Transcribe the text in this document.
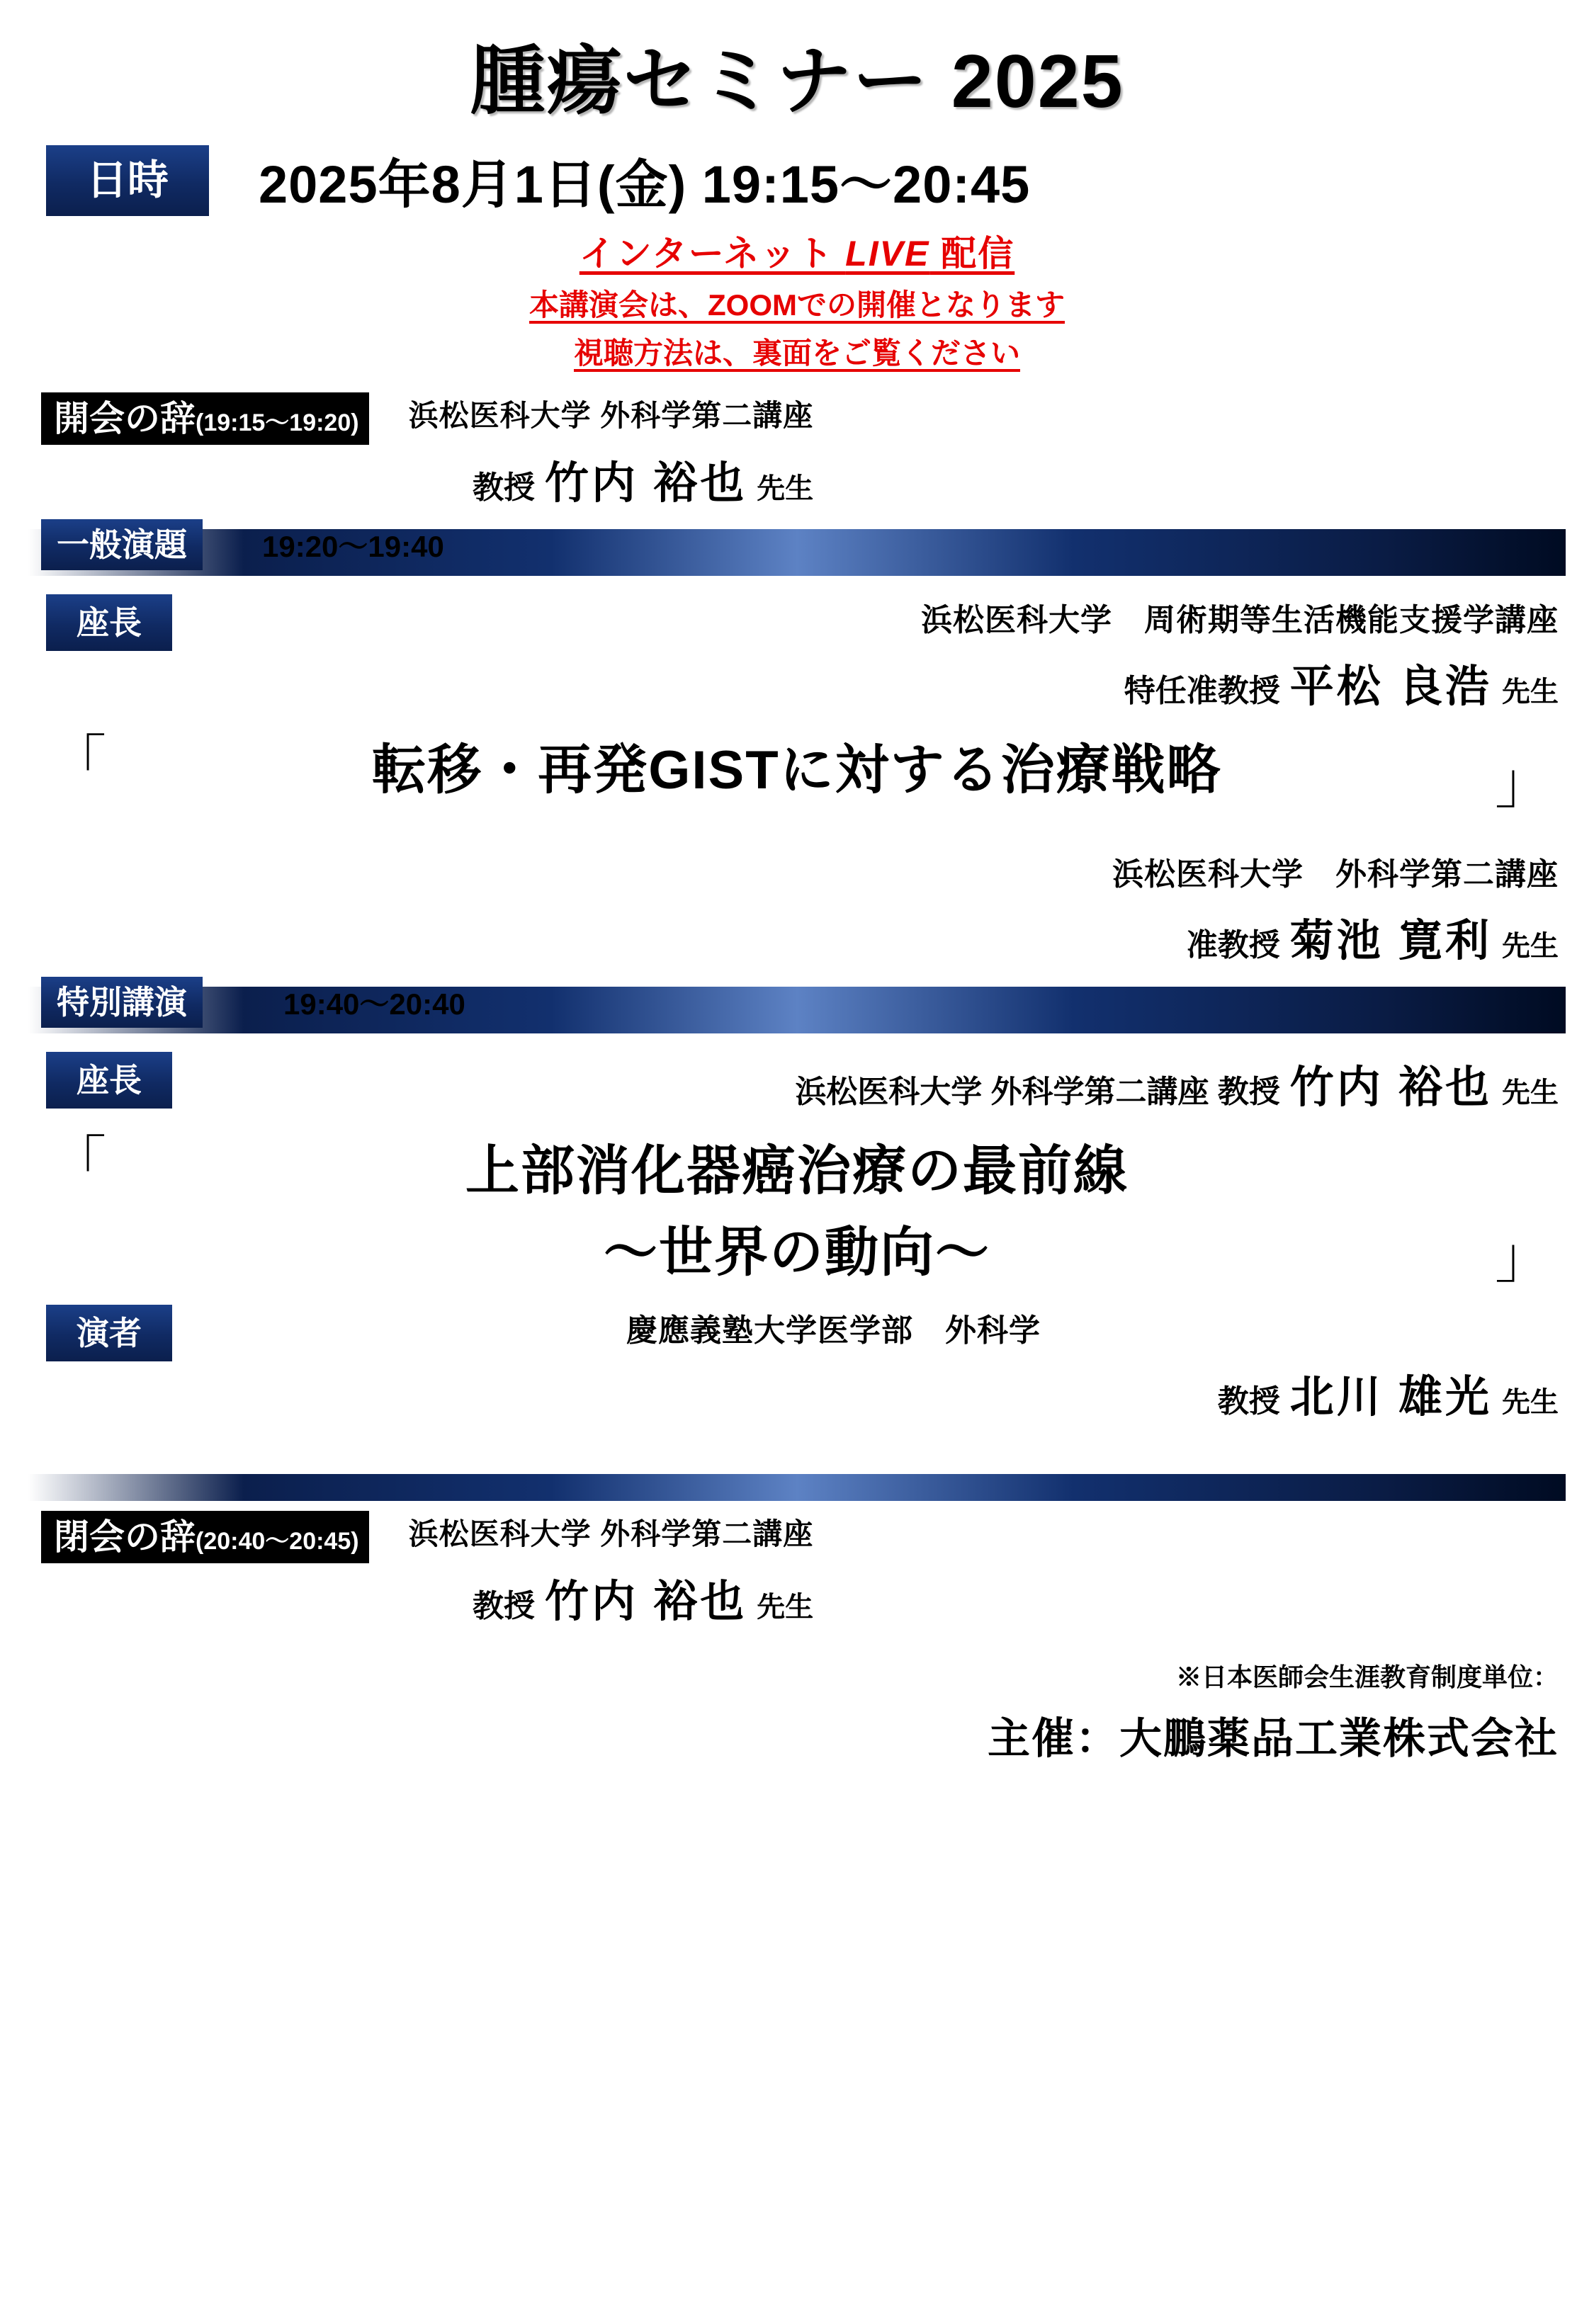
腫瘍セミナー 2025
日時	2025年8月1日(金) 19:15～20:45
インターネット LIVE 配信
本講演会は、ZOOMでの開催となります
視聴方法は、裏面をご覧ください
開会の辞(19:15～19:20)	浜松医科大学 外科学第二講座
教授 竹内 裕也 先生
一般演題	19:20～19:40
座長	浜松医科大学　周術期等生活機能支援学講座
特任准教授 平松 良浩 先生
「	転移・再発GISTに対する治療戦略	」
浜松医科大学　外科学第二講座
准教授 菊池 寛利 先生
特別講演	19:40～20:40
座長	浜松医科大学 外科学第二講座 教授 竹内 裕也 先生
「	上部消化器癌治療の最前線
～世界の動向～	」
演者	慶應義塾大学医学部　外科学
教授 北川 雄光 先生
閉会の辞(20:40～20:45)	浜松医科大学 外科学第二講座
教授 竹内 裕也 先生
※日本医師会生涯教育制度単位：
主催：大鵬薬品工業株式会社
